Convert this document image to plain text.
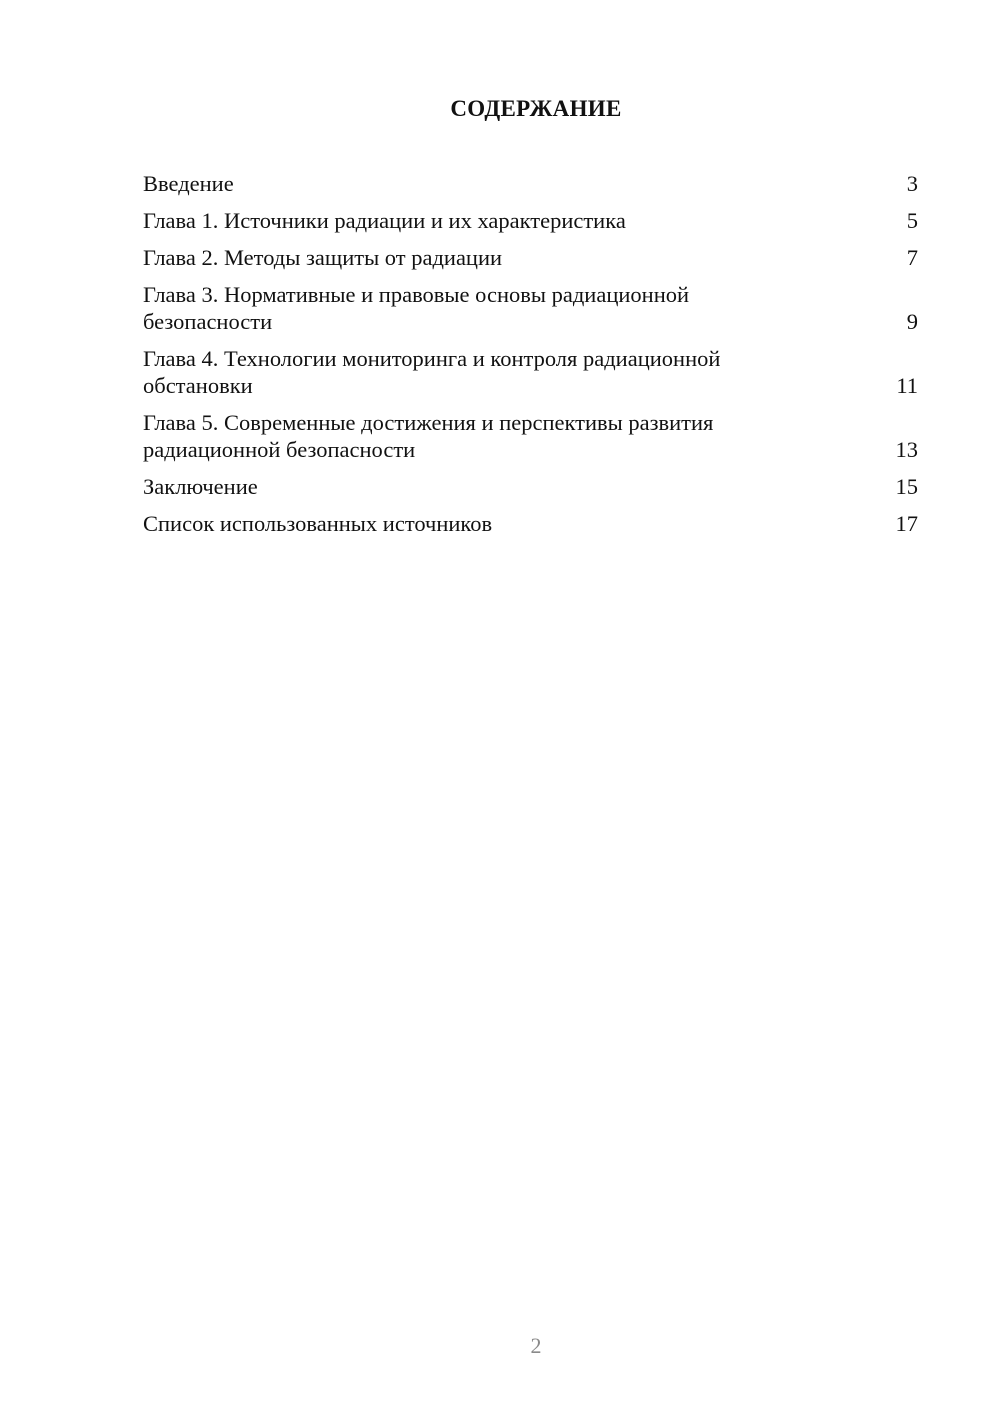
СОДЕРЖАНИЕ
Введение	3
Глава 1. Источники радиации и их характеристика	5
Глава 2. Методы защиты от радиации	7
Глава 3. Нормативные и правовые основы радиационной
безопасности	9
Глава 4. Технологии мониторинга и контроля радиационной
обстановки	11
Глава 5. Современные достижения и перспективы развития
радиационной безопасности	13
Заключение	15
Список использованных источников	17
2
